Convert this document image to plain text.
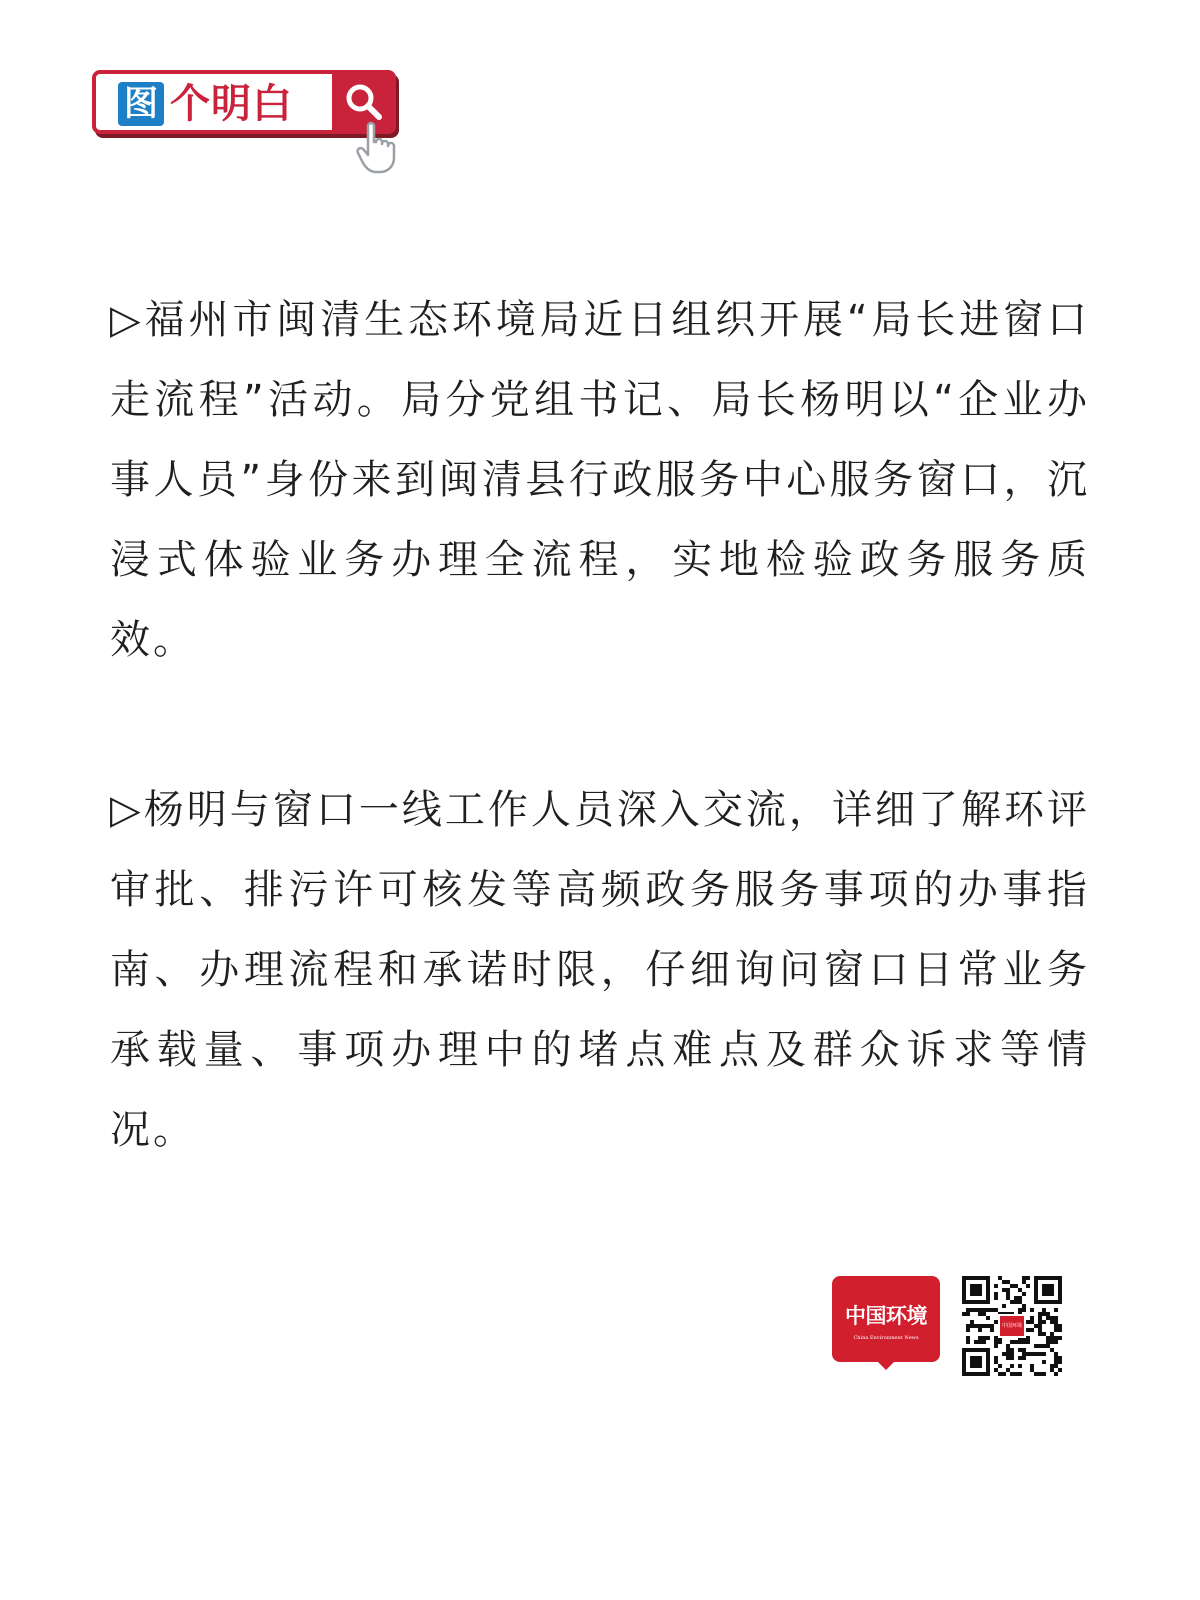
图 个明白

▷福州市闽清生态环境局近日组织开展“局长进窗口走流程”活动。局分党组书记、局长杨明以“企业办事人员”身份来到闽清县行政服务中心服务窗口，沉浸式体验业务办理全流程，实地检验政务服务质效。

▷杨明与窗口一线工作人员深入交流，详细了解环评审批、排污许可核发等高频政务服务事项的办事指南、办理流程和承诺时限，仔细询问窗口日常业务承载量、事项办理中的堵点难点及群众诉求等情况。

中国环境
China Environment News
中国环境
